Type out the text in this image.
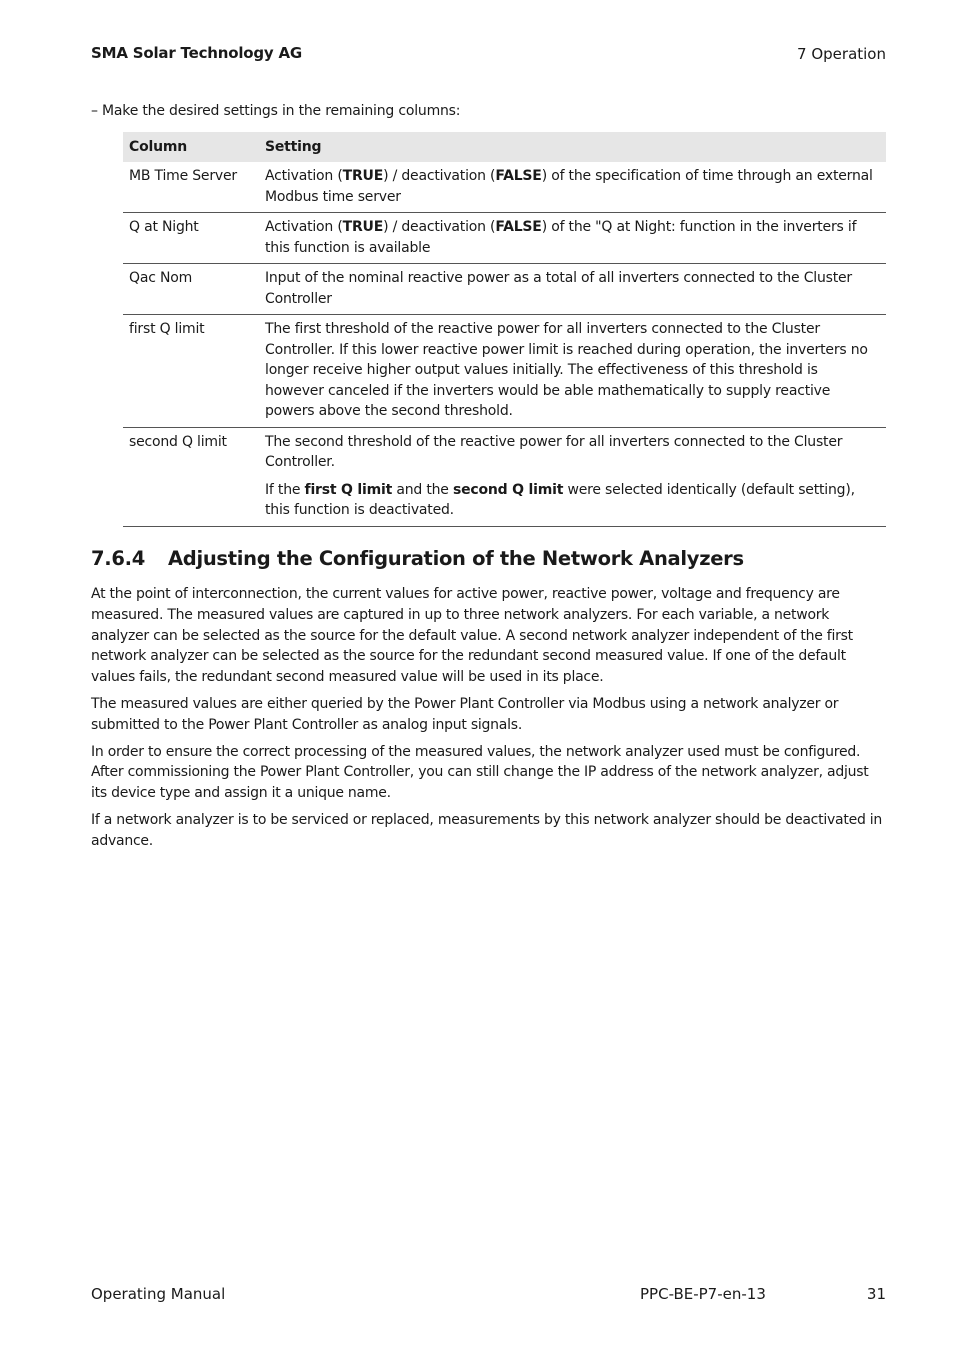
SMA Solar Technology AG	7 Operation
– Make the desired settings in the remaining columns:
Column	Setting
MB Time Server	Activation (TRUE) / deactivation (FALSE) of the specification of time through an external Modbus time server

Q at Night	Activation (TRUE) / deactivation (FALSE) of the "Q at Night: function in the inverters if this function is available

Qac Nom	Input of the nominal reactive power as a total of all inverters connected to the Cluster Controller

first Q limit	The first threshold of the reactive power for all inverters connected to the Cluster Controller. If this lower reactive power limit is reached during operation, the inverters no longer receive higher output values initially. The effectiveness of this threshold is however canceled if the inverters would be able mathematically to supply reactive powers above the second threshold.

second Q limit	The second threshold of the reactive power for all inverters connected to the Cluster Controller.

If the first Q limit and the second Q limit were selected identically (default setting), this function is deactivated.

7.6.4 Adjusting the Configuration of the Network Analyzers

At the point of interconnection, the current values for active power, reactive power, voltage and frequency are measured. The measured values are captured in up to three network analyzers. For each variable, a network analyzer can be selected as the source for the default value. A second network analyzer independent of the first network analyzer can be selected as the source for the redundant second measured value. If one of the default values fails, the redundant second measured value will be used in its place.

The measured values are either queried by the Power Plant Controller via Modbus using a network analyzer or submitted to the Power Plant Controller as analog input signals.

In order to ensure the correct processing of the measured values, the network analyzer used must be configured. After commissioning the Power Plant Controller, you can still change the IP address of the network analyzer, adjust its device type and assign it a unique name.

If a network analyzer is to be serviced or replaced, measurements by this network analyzer should be deactivated in advance.

Operating Manual	PPC-BE-P7-en-13	31
